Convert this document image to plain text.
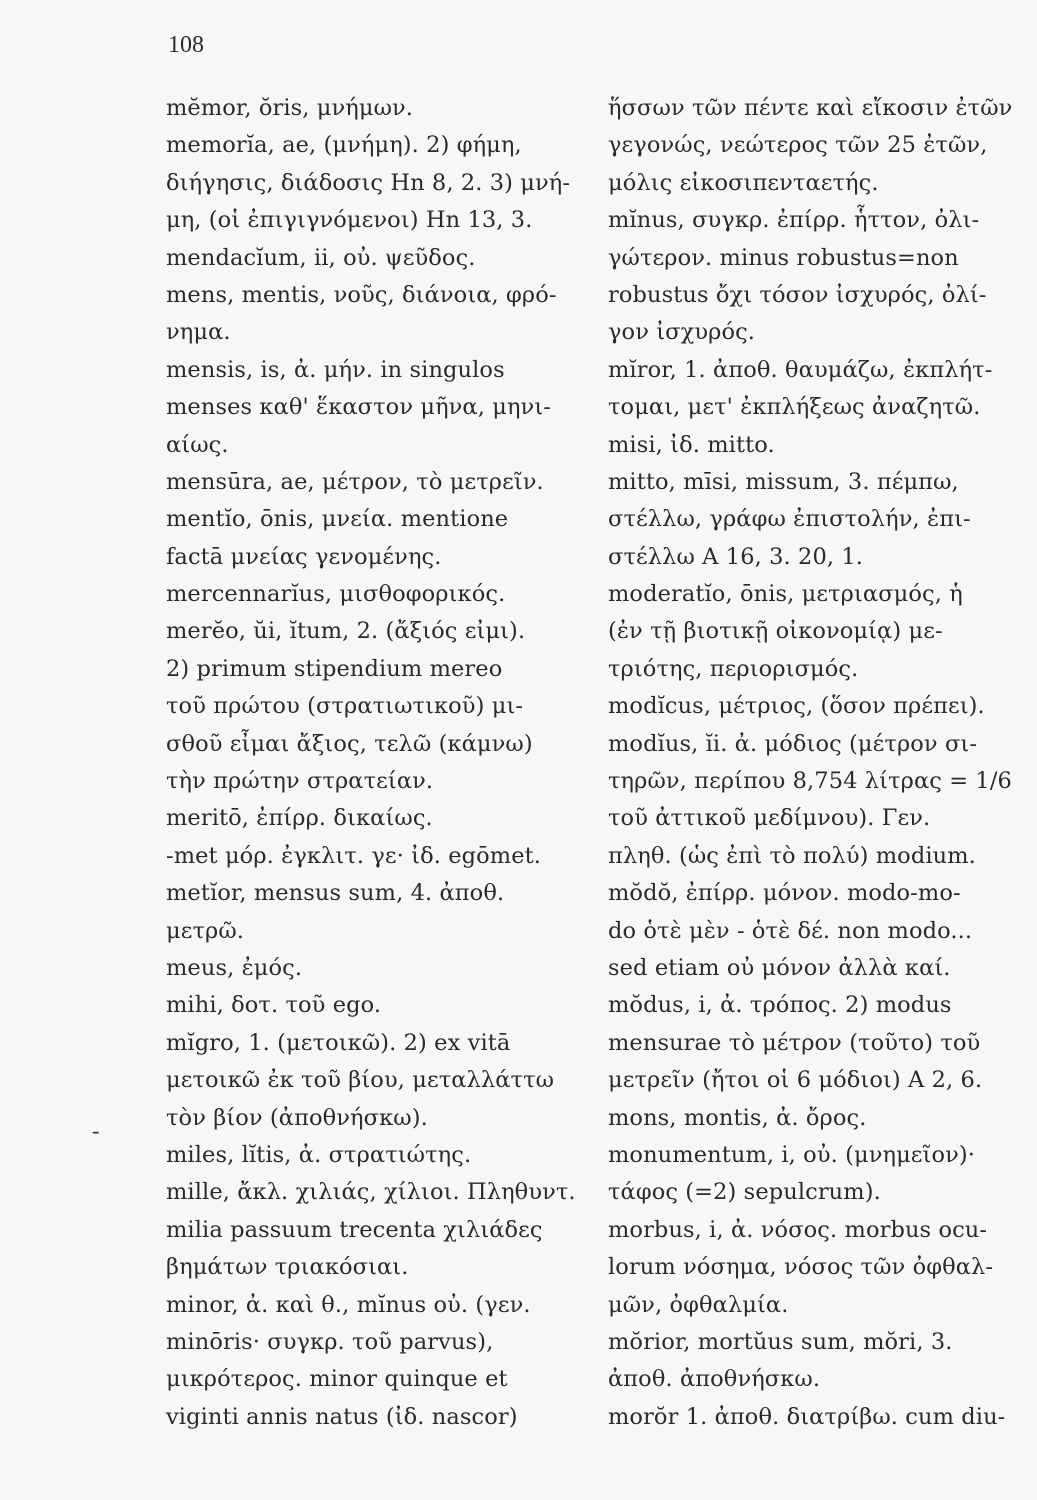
108
-
mĕmor, ŏris, μνήμων.
memorĭa, ae, (μνήμη). 2) φήμη,
διήγησις, διάδοσις Hn 8, 2. 3) μνή-
μη, (οἱ ἐπιγιγνόμενοι) Hn 13, 3.
mendacĭum, ii, οὐ. ψεῦδος.
mens, mentis, νοῦς, διάνοια, φρό-
νημα.
mensis, is, ἀ. μήν. in singulos
menses καθ' ἕκαστον μῆνα, μηνι-
αίως.
mensūra, ae, μέτρον, τὸ μετρεῖν.
mentĭo, ōnis, μνεία. mentione
factā μνείας γενομένης.
mercennarĭus, μισθοφορικός.
merĕo, ŭi, ĭtum, 2. (ἄξιός εἰμι).
2) primum stipendium mereo
τοῦ πρώτου (στρατιωτικοῦ) μι-
σθοῦ εἶμαι ἄξιος, τελῶ (κάμνω)
τὴν πρώτην στρατείαν.
meritō, ἐπίρρ. δικαίως.
-met μόρ. ἐγκλιτ. γε· ἰδ. egōmet.
metĭor, mensus sum, 4. ἀποθ.
μετρῶ.
meus, ἐμός.
mihi, δοτ. τοῦ ego.
mĭgro, 1. (μετοικῶ). 2) ex vitā
μετοικῶ ἐκ τοῦ βίου, μεταλλάττω
τὸν βίον (ἀποθνήσκω).
miles, lĭtis, ἀ. στρατιώτης.
mille, ἄκλ. χιλιάς, χίλιοι. Πληθυντ.
milia passuum trecenta χιλιάδες
βημάτων τριακόσιαι.
minor, ἀ. καὶ θ., mĭnus οὐ. (γεν.
minōris· συγκρ. τοῦ parvus),
μικρότερος. minor quinque et
viginti annis natus (ἰδ. nascor)
ἥσσων τῶν πέντε καὶ εἴκοσιν ἐτῶν
γεγονώς, νεώτερος τῶν 25 ἐτῶν,
μόλις εἰκοσιπενταετής.
mĭnus, συγκρ. ἐπίρρ. ἧττον, ὀλι-
γώτερον. minus robustus=non
robustus ὄχι τόσον ἰσχυρός, ὀλί-
γον ἰσχυρός.
mĭror, 1. ἀποθ. θαυμάζω, ἐκπλήτ-
τομαι, μετ' ἐκπλήξεως ἀναζητῶ.
misi, ἰδ. mitto.
mitto, mīsi, missum, 3. πέμπω,
στέλλω, γράφω ἐπιστολήν, ἐπι-
στέλλω A 16, 3. 20, 1.
moderatĭo, ōnis, μετριασμός, ἡ
(ἐν τῇ βιοτικῇ οἰκονομίᾳ) με-
τριότης, περιορισμός.
modĭcus, μέτριος, (ὅσον πρέπει).
modĭus, ĭi. ἀ. μόδιος (μέτρον σι-
τηρῶν, περίπου 8,754 λίτρας = 1/6
τοῦ ἀττικοῦ μεδίμνου). Γεν.
πληθ. (ὡς ἐπὶ τὸ πολύ) modium.
mŏdŏ, ἐπίρρ. μόνον. modo-mo-
do ὁτὲ μὲν - ὁτὲ δέ. non modo...
sed etiam οὐ μόνον ἀλλὰ καί.
mŏdus, i, ἀ. τρόπος. 2) modus
mensurae τὸ μέτρον (τοῦτο) τοῦ
μετρεῖν (ἤτοι οἱ 6 μόδιοι) A 2, 6.
mons, montis, ἀ. ὄρος.
monumentum, i, οὐ. (μνημεῖον)·
τάφος (=2) sepulcrum).
morbus, i, ἀ. νόσος. morbus ocu-
lorum νόσημα, νόσος τῶν ὀφθαλ-
μῶν, ὀφθαλμία.
mŏrior, mortŭus sum, mŏri, 3.
ἀποθ. ἀποθνήσκω.
morŏr 1. ἀποθ. διατρίβω. cum diu-
